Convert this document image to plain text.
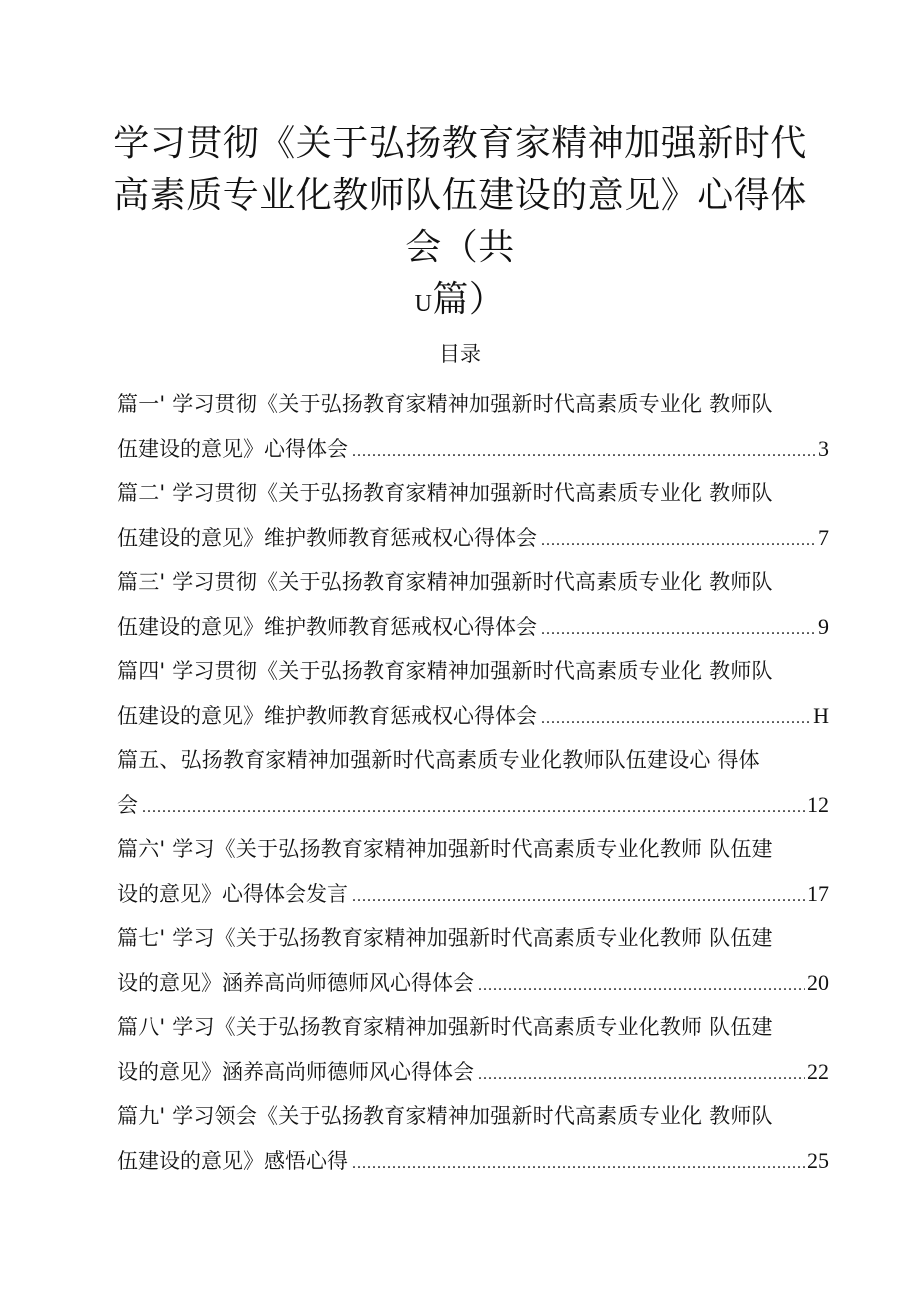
学习贯彻《关于弘扬教育家精神加强新时代高素质专业化教师队伍建设的意见》心得体会（共
U篇）
目录
篇一' 学习贯彻《关于弘扬教育家精神加强新时代高素质专业化 教师队
伍建设的意见》心得体会 .....	3
篇二' 学习贯彻《关于弘扬教育家精神加强新时代高素质专业化 教师队
伍建设的意见》维护教师教育惩戒权心得体会 .....	7
篇三' 学习贯彻《关于弘扬教育家精神加强新时代高素质专业化 教师队
伍建设的意见》维护教师教育惩戒权心得体会 .....	9
篇四' 学习贯彻《关于弘扬教育家精神加强新时代高素质专业化 教师队
伍建设的意见》维护教师教育惩戒权心得体会 .....	H
篇五、弘扬教育家精神加强新时代高素质专业化教师队伍建设心 得体
会 .....	12
篇六' 学习《关于弘扬教育家精神加强新时代高素质专业化教师 队伍建
设的意见》心得体会发言 .....	17
篇七' 学习《关于弘扬教育家精神加强新时代高素质专业化教师 队伍建
设的意见》涵养高尚师德师风心得体会 .....	20
篇八' 学习《关于弘扬教育家精神加强新时代高素质专业化教师 队伍建
设的意见》涵养高尚师德师风心得体会 .....	22
篇九' 学习领会《关于弘扬教育家精神加强新时代高素质专业化 教师队
伍建设的意见》感悟心得 .....	25
